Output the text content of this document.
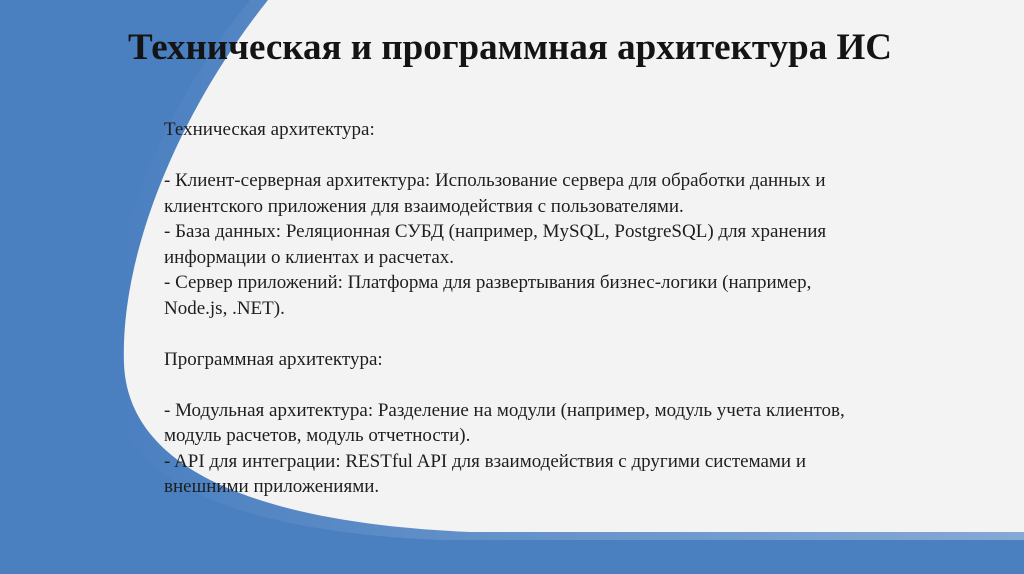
Техническая и программная архитектура ИС
Техническая архитектура:
- Клиент-серверная архитектура: Использование сервера для обработки данных и
клиентского приложения для взаимодействия с пользователями.
- База данных: Реляционная СУБД (например, MySQL, PostgreSQL) для хранения
информации о клиентах и расчетах.
- Сервер приложений: Платформа для развертывания бизнес-логики (например,
Node.js, .NET).
Программная архитектура:
- Модульная архитектура: Разделение на модули (например, модуль учета клиентов,
модуль расчетов, модуль отчетности).
- API для интеграции: RESTful API для взаимодействия с другими системами и
внешними приложениями.
